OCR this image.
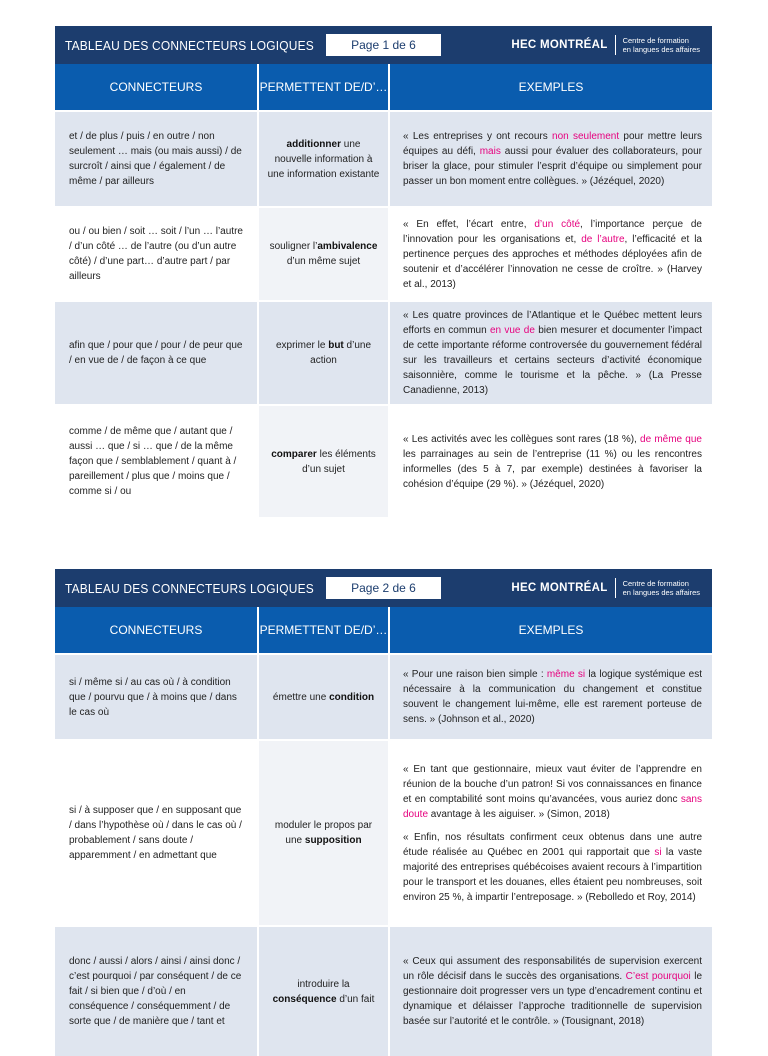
TABLEAU DES CONNECTEURS LOGIQUES	Page 1 de 6	HEC MONTRÉAL Centre de formation
en langues des affaires
CONNECTEURS	PERMETTENT DE/D’…	EXEMPLES
et / de plus / puis / en outre / non seulement … mais (ou mais aussi) / de surcroît / ainsi que / également / de même / par ailleurs	additionner une nouvelle information à une information existante	« Les entreprises y ont recours non seulement pour mettre leurs équipes au défi, mais aussi pour évaluer des collaborateurs, pour briser la glace, pour stimuler l’esprit d’équipe ou simplement pour passer un bon moment entre collègues. » (Jézéquel, 2020)

ou / ou bien / soit … soit / l’un … l’autre / d’un côté … de l’autre (ou d’un autre côté) / d’une part… d’autre part / par ailleurs	souligner l’ambivalence d’un même sujet	« En effet, l’écart entre, d’un côté, l’importance perçue de l’innovation pour les organisations et, de l’autre, l’efficacité et la pertinence perçues des approches et méthodes déployées afin de soutenir et d’accélérer l’innovation ne cesse de croître. » (Harvey et al., 2013)

afin que / pour que / pour / de peur que / en vue de / de façon à ce que	exprimer le but d’une action	« Les quatre provinces de l’Atlantique et le Québec mettent leurs efforts en commun en vue de bien mesurer et documenter l’impact de cette importante réforme controversée du gouvernement fédéral sur les travailleurs et certains secteurs d’activité économique saisonnière, comme le tourisme et la pêche. » (La Presse Canadienne, 2013)

comme / de même que / autant que / aussi … que / si … que / de la même façon que / semblablement / quant à / pareillement / plus que / moins que / comme si / ou	comparer les éléments d’un sujet	« Les activités avec les collègues sont rares (18 %), de même que les parrainages au sein de l’entreprise (11 %) ou les rencontres informelles (des 5 à 7, par exemple) destinées à favoriser la cohésion d’équipe (29 %). » (Jézéquel, 2020)
TABLEAU DES CONNECTEURS LOGIQUES	Page 2 de 6	HEC MONTRÉAL Centre de formation
en langues des affaires
CONNECTEURS	PERMETTENT DE/D’…	EXEMPLES
si / même si / au cas où / à condition que / pourvu que / à moins que / dans le cas où	émettre une condition	« Pour une raison bien simple : même si la logique systémique est nécessaire à la communication du changement et constitue souvent le changement lui-même, elle est rarement porteuse de sens. » (Johnson et al., 2020)

si / à supposer que / en supposant que / dans l’hypothèse où / dans le cas où / probablement / sans doute / apparemment / en admettant que	moduler le propos par une supposition	« En tant que gestionnaire, mieux vaut éviter de l’apprendre en réunion de la bouche d’un patron! Si vos connaissances en finance et en comptabilité sont moins qu’avancées, vous auriez donc sans doute avantage à les aiguiser. » (Simon, 2018)
« Enfin, nos résultats confirment ceux obtenus dans une autre étude réalisée au Québec en 2001 qui rapportait que si la vaste majorité des entreprises québécoises avaient recours à l’impartition pour le transport et les douanes, elles étaient peu nombreuses, soit environ 25 %, à impartir l’entreposage. » (Rebolledo et Roy, 2014)

donc / aussi / alors / ainsi / ainsi donc / c’est pourquoi / par conséquent / de ce fait / si bien que / d’où / en conséquence / conséquemment / de sorte que / de manière que / tant et	introduire la conséquence d’un fait	« Ceux qui assument des responsabilités de supervision exercent un rôle décisif dans le succès des organisations. C’est pourquoi le gestionnaire doit progresser vers un type d’encadrement continu et dynamique et délaisser l’approche traditionnelle de supervision basée sur l’autorité et le contrôle. » (Tousignant, 2018)
